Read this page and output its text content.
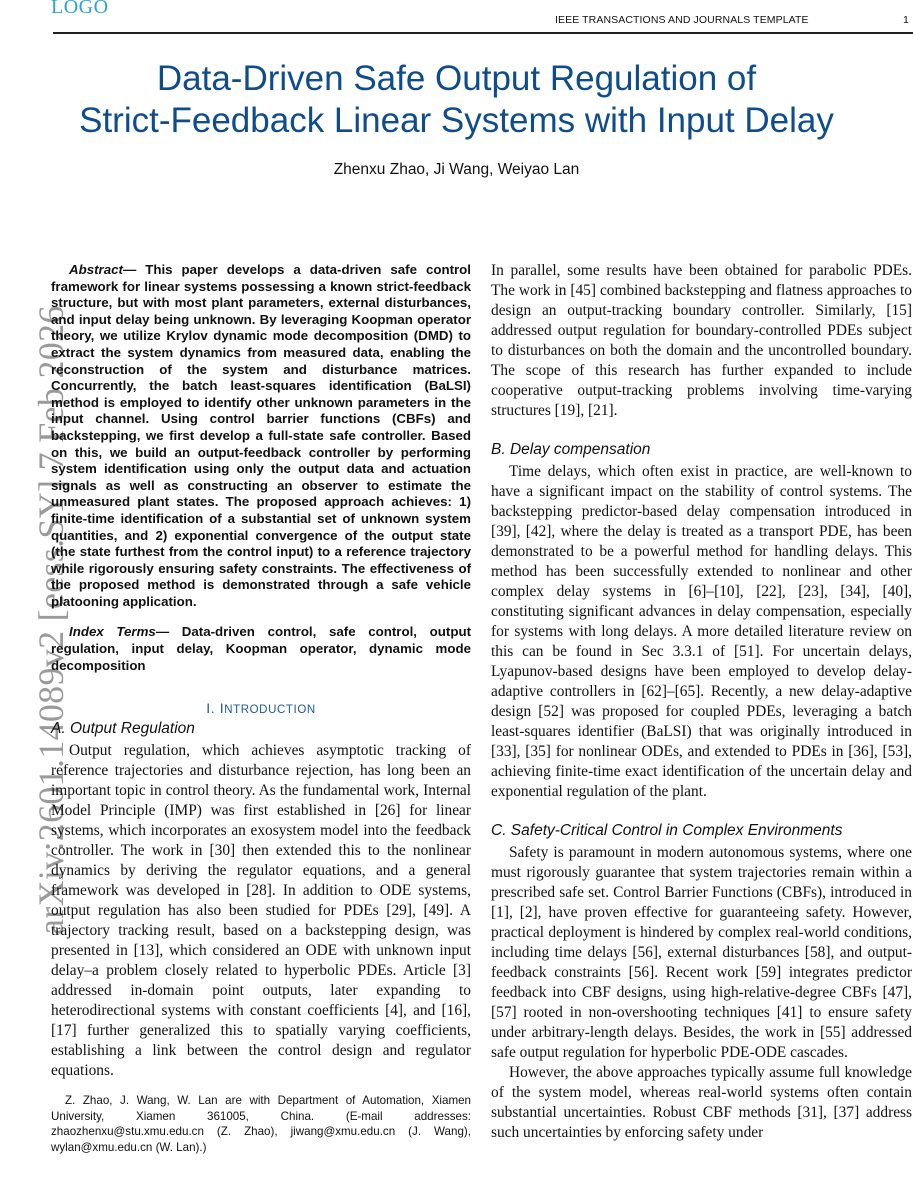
LOGO
IEEE TRANSACTIONS AND JOURNALS TEMPLATE	1
Data-Driven Safe Output Regulation of
Strict-Feedback Linear Systems with Input Delay
Zhenxu Zhao, Ji Wang, Weiyao Lan
arXiv:2601.14089v2 [eess.SY] 7 Feb 2026

Abstract— This paper develops a data-driven safe control framework for linear systems possessing a known strict-feedback structure, but with most plant parameters, external disturbances, and input delay being unknown. By leveraging Koopman operator theory, we utilize Krylov dynamic mode decomposition (DMD) to extract the system dynamics from measured data, enabling the reconstruction of the system and disturbance matrices. Concurrently, the batch least-squares identification (BaLSI) method is employed to identify other unknown parameters in the input channel. Using control barrier functions (CBFs) and backstepping, we first develop a full-state safe controller. Based on this, we build an output-feedback controller by performing system identification using only the output data and actuation signals as well as constructing an observer to estimate the unmeasured plant states. The proposed approach achieves: 1) finite-time identification of a substantial set of unknown system quantities, and 2) exponential convergence of the output state (the state furthest from the control input) to a reference trajectory while rigorously ensuring safety constraints. The effectiveness of the proposed method is demonstrated through a safe vehicle platooning application.

Index Terms— Data-driven control, safe control, output regulation, input delay, Koopman operator, dynamic mode decomposition

I. INTRODUCTION
A. Output Regulation

Output regulation, which achieves asymptotic tracking of reference trajectories and disturbance rejection, has long been an important topic in control theory. As the fundamental work, Internal Model Principle (IMP) was first established in [26] for linear systems, which incorporates an exosystem model into the feedback controller. The work in [30] then extended this to the nonlinear dynamics by deriving the regulator equations, and a general framework was developed in [28]. In addition to ODE systems, output regulation has also been studied for PDEs [29], [49]. A trajectory tracking result, based on a backstepping design, was presented in [13], which considered an ODE with unknown input delay–a problem closely related to hyperbolic PDEs. Article [3] addressed in-domain point outputs, later expanding to heterodirectional systems with constant coefficients [4], and [16], [17] further generalized this to spatially varying coefficients, establishing a link between the control design and regulator equations.

Z. Zhao, J. Wang, W. Lan are with Department of Automation, Xiamen University, Xiamen 361005, China. (E-mail addresses: zhaozhenxu@stu.xmu.edu.cn (Z. Zhao), jiwang@xmu.edu.cn (J. Wang), wylan@xmu.edu.cn (W. Lan).)

In parallel, some results have been obtained for parabolic PDEs. The work in [45] combined backstepping and flatness approaches to design an output-tracking boundary controller. Similarly, [15] addressed output regulation for boundary-controlled PDEs subject to disturbances on both the domain and the uncontrolled boundary. The scope of this research has further expanded to include cooperative output-tracking problems involving time-varying structures [19], [21].

B. Delay compensation

Time delays, which often exist in practice, are well-known to have a significant impact on the stability of control systems. The backstepping predictor-based delay compensation introduced in [39], [42], where the delay is treated as a transport PDE, has been demonstrated to be a powerful method for handling delays. This method has been successfully extended to nonlinear and other complex delay systems in [6]–[10], [22], [23], [34], [40], constituting significant advances in delay compensation, especially for systems with long delays. A more detailed literature review on this can be found in Sec 3.3.1 of [51]. For uncertain delays, Lyapunov-based designs have been employed to develop delay-adaptive controllers in [62]–[65]. Recently, a new delay-adaptive design [52] was proposed for coupled PDEs, leveraging a batch least-squares identifier (BaLSI) that was originally introduced in [33], [35] for nonlinear ODEs, and extended to PDEs in [36], [53], achieving finite-time exact identification of the uncertain delay and exponential regulation of the plant.

C. Safety-Critical Control in Complex Environments

Safety is paramount in modern autonomous systems, where one must rigorously guarantee that system trajectories remain within a prescribed safe set. Control Barrier Functions (CBFs), introduced in [1], [2], have proven effective for guaranteeing safety. However, practical deployment is hindered by complex real-world conditions, including time delays [56], external disturbances [58], and output-feedback constraints [56]. Recent work [59] integrates predictor feedback into CBF designs, using high-relative-degree CBFs [47], [57] rooted in non-overshooting techniques [41] to ensure safety under arbitrary-length delays. Besides, the work in [55] addressed safe output regulation for hyperbolic PDE-ODE cascades.

However, the above approaches typically assume full knowledge of the system model, whereas real-world systems often contain substantial uncertainties. Robust CBF methods [31], [37] address such uncertainties by enforcing safety under
